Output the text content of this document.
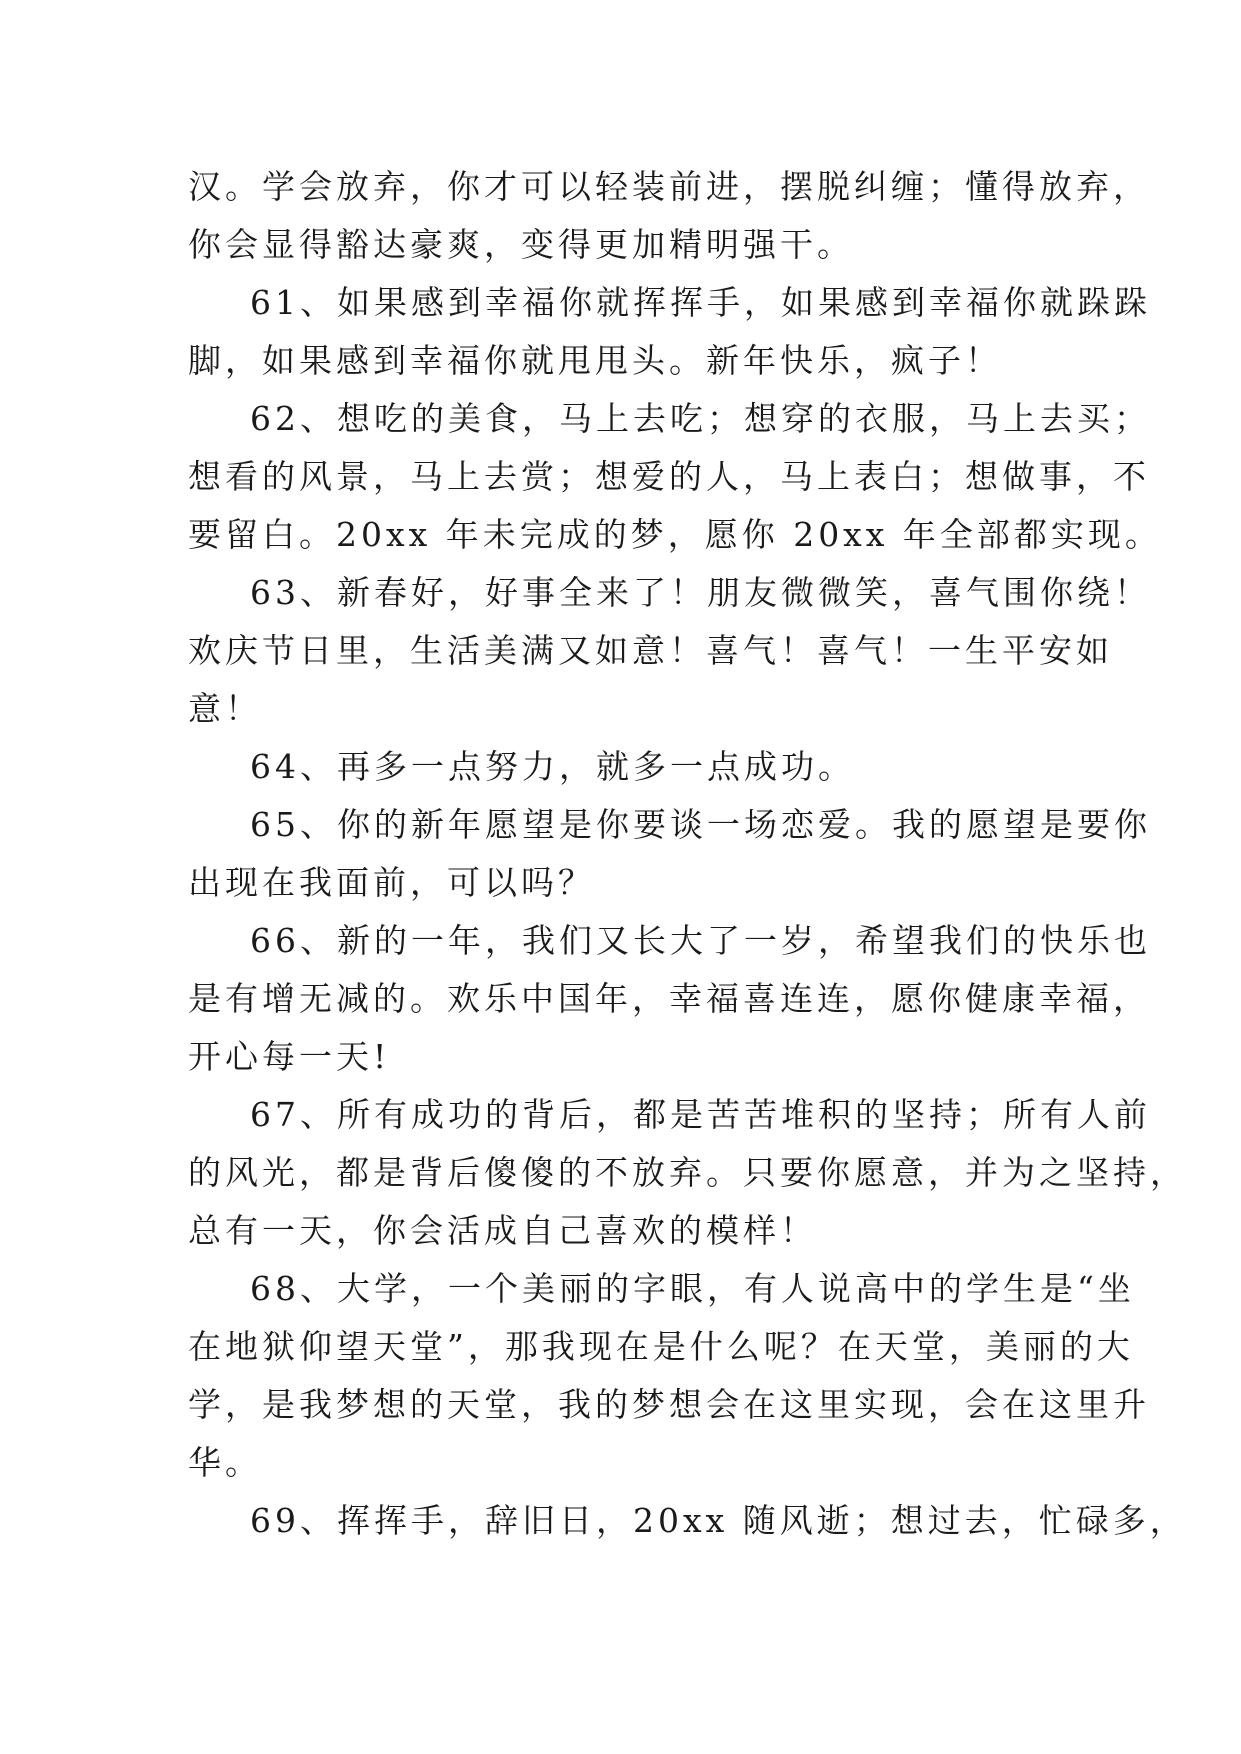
汉。学会放弃，你才可以轻装前进，摆脱纠缠；懂得放弃，
你会显得豁达豪爽，变得更加精明强干。
61、如果感到幸福你就挥挥手，如果感到幸福你就跺跺
脚，如果感到幸福你就甩甩头。新年快乐，疯子！
62、想吃的美食，马上去吃；想穿的衣服，马上去买；
想看的风景，马上去赏；想爱的人，马上表白；想做事，不
要留白。20xx 年未完成的梦，愿你 20xx 年全部都实现。
63、新春好，好事全来了！朋友微微笑，喜气围你绕！
欢庆节日里，生活美满又如意！喜气！喜气！一生平安如
意！
64、再多一点努力，就多一点成功。
65、你的新年愿望是你要谈一场恋爱。我的愿望是要你
出现在我面前，可以吗？
66、新的一年，我们又长大了一岁，希望我们的快乐也
是有增无减的。欢乐中国年，幸福喜连连，愿你健康幸福，
开心每一天!
67、所有成功的背后，都是苦苦堆积的坚持；所有人前
的风光，都是背后傻傻的不放弃。只要你愿意，并为之坚持，
总有一天，你会活成自己喜欢的模样！
68、大学，一个美丽的字眼，有人说高中的学生是“坐
在地狱仰望天堂”，那我现在是什么呢？在天堂，美丽的大
学，是我梦想的天堂，我的梦想会在这里实现，会在这里升
华。
69、挥挥手，辞旧日，20xx 随风逝；想过去，忙碌多，
